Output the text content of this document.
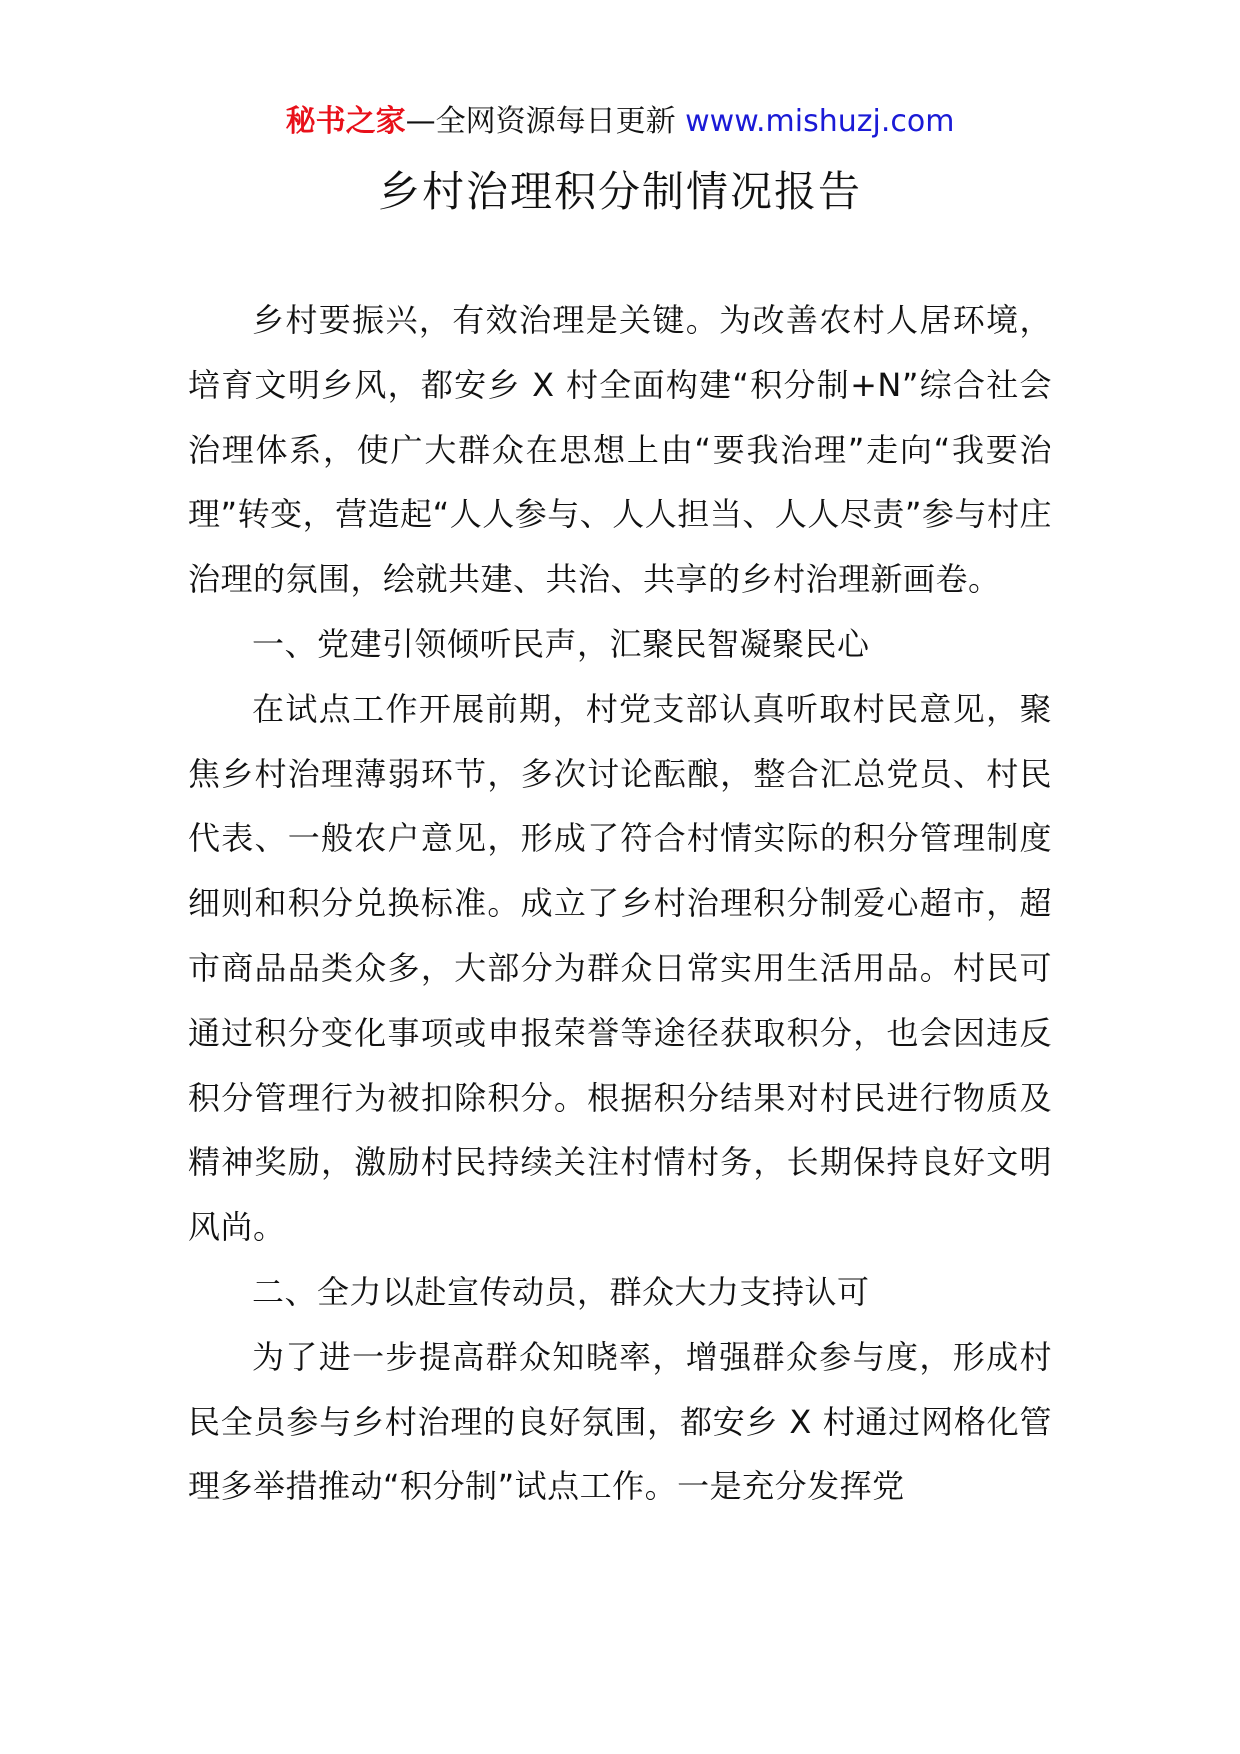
秘书之家—全网资源每日更新 www.mishuzj.com
乡村治理积分制情况报告

乡村要振兴，有效治理是关键。为改善农村人居环境，培育文明乡风，都安乡 X 村全面构建“积分制+N”综合社会治理体系，使广大群众在思想上由“要我治理”走向“我要治理”转变，营造起“人人参与、人人担当、人人尽责”参与村庄治理的氛围，绘就共建、共治、共享的乡村治理新画卷。

一、党建引领倾听民声，汇聚民智凝聚民心

在试点工作开展前期，村党支部认真听取村民意见，聚焦乡村治理薄弱环节，多次讨论酝酿，整合汇总党员、村民代表、一般农户意见，形成了符合村情实际的积分管理制度细则和积分兑换标准。成立了乡村治理积分制爱心超市，超市商品品类众多，大部分为群众日常实用生活用品。村民可通过积分变化事项或申报荣誉等途径获取积分，也会因违反积分管理行为被扣除积分。根据积分结果对村民进行物质及精神奖励，激励村民持续关注村情村务，长期保持良好文明风尚。

二、全力以赴宣传动员，群众大力支持认可

为了进一步提高群众知晓率，增强群众参与度，形成村民全员参与乡村治理的良好氛围，都安乡 X 村通过网格化管理多举措推动“积分制”试点工作。一是充分发挥党
